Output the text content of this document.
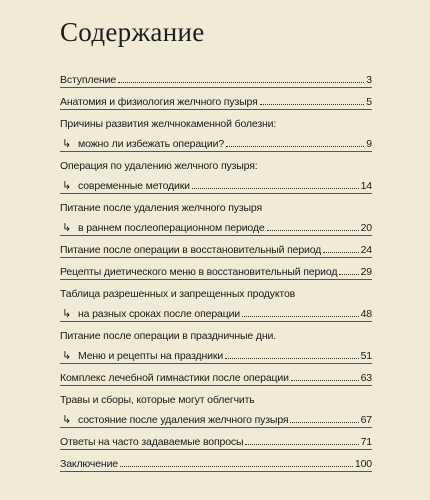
Содержание
Вступление	3
Анатомия и физиология желчного пузыря	5
Причины развития желчнокаменной болезни:
↳ можно ли избежать операции?	9
Операция по удалению желчного пузыря:
↳ современные методики	14
Питание после удаления желчного пузыря
↳ в раннем послеоперационном периоде	20
Питание после операции в восстановительный период	24
Рецепты диетического меню в восстановительный период 29
Таблица разрешенных и запрещенных продуктов
↳ на разных сроках после операции	48
Питание после операции в праздничные дни.
↳ Меню и рецепты на праздники	51
Комплекс лечебной гимнастики после операции	63
Травы и сборы, которые могут облегчить
↳ состояние после удаления желчного пузыря	67
Ответы на часто задаваемые вопросы	71
Заключение	100
